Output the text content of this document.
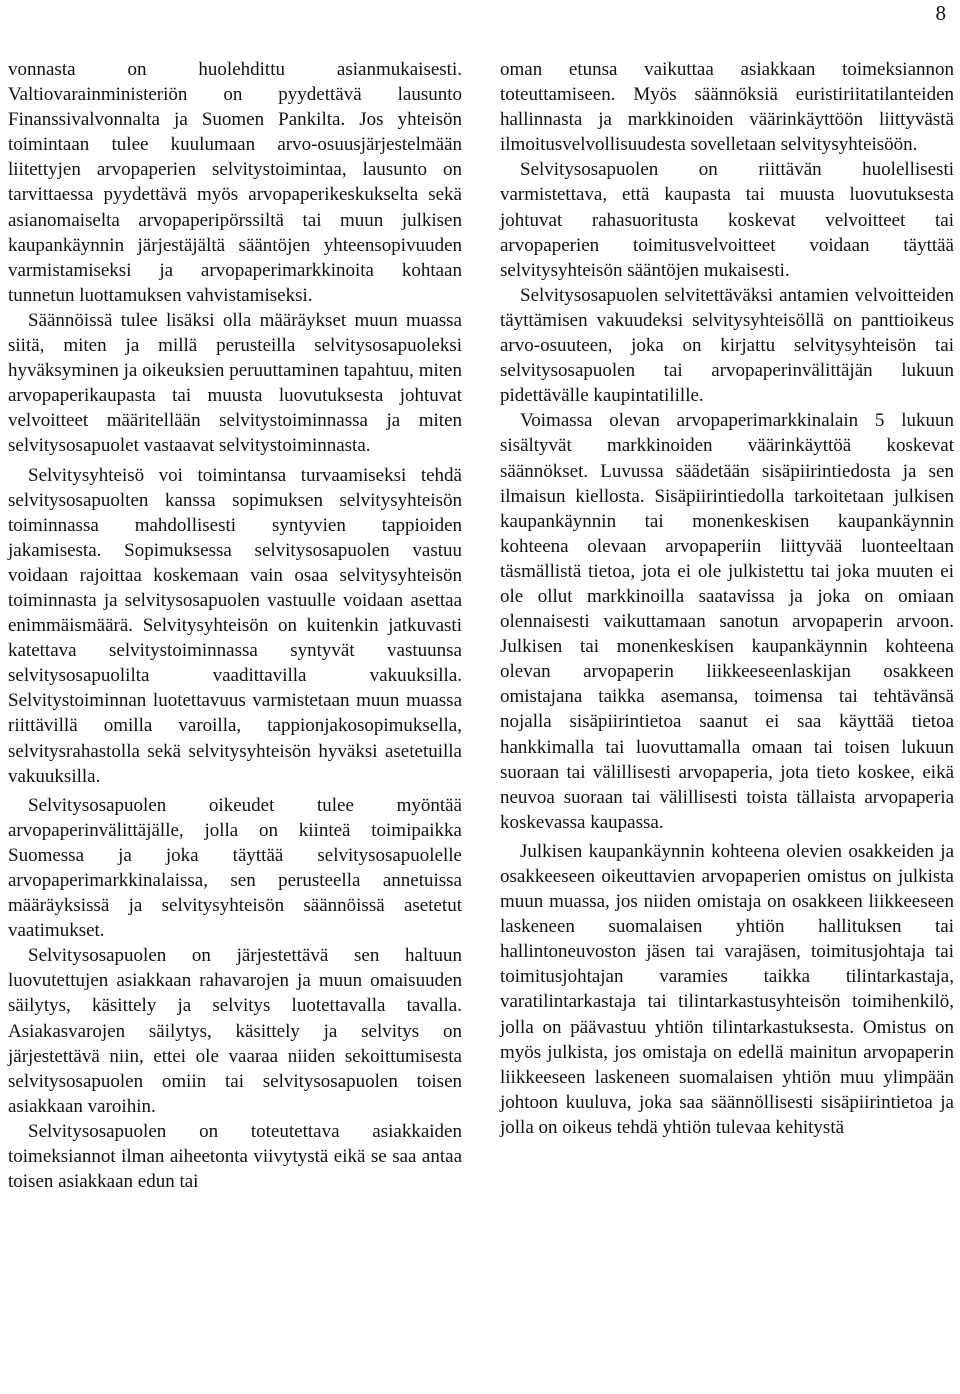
8

vonnasta on huolehdittu asianmukaisesti. Valtiovarainministeriön on pyydettävä lausunto Finanssivalvonnalta ja Suomen Pankilta. Jos yhteisön toimintaan tulee kuulumaan arvo-osuusjärjestelmään liitettyjen arvopaperien selvitystoimintaa, lausunto on tarvittaessa pyydettävä myös arvopaperikeskukselta sekä asianomaiselta arvopaperipörssiltä tai muun julkisen kaupankäynnin järjestäjältä sääntöjen yhteensopivuuden varmistamiseksi ja arvopaperimarkkinoita kohtaan tunnetun luottamuksen vahvistamiseksi.

Säännöissä tulee lisäksi olla määräykset muun muassa siitä, miten ja millä perusteilla selvitysosapuoleksi hyväksyminen ja oikeuksien peruuttaminen tapahtuu, miten arvopaperikaupasta tai muusta luovutuksesta johtuvat velvoitteet määritellään selvitystoiminnassa ja miten selvitysosapuolet vastaavat selvitystoiminnasta.

Selvitysyhteisö voi toimintansa turvaamiseksi tehdä selvitysosapuolten kanssa sopimuksen selvitysyhteisön toiminnassa mahdollisesti syntyvien tappioiden jakamisesta. Sopimuksessa selvitysosapuolen vastuu voidaan rajoittaa koskemaan vain osaa selvitysyhteisön toiminnasta ja selvitysosapuolen vastuulle voidaan asettaa enimmäismäärä. Selvitysyhteisön on kuitenkin jatkuvasti katettava selvitystoiminnassa syntyvät vastuunsa selvitysosapuolilta vaadittavilla vakuuksilla. Selvitystoiminnan luotettavuus varmistetaan muun muassa riittävillä omilla varoilla, tappionjakosopimuksella, selvitysrahastolla sekä selvitysyhteisön hyväksi asetetuilla vakuuksilla.

Selvitysosapuolen oikeudet tulee myöntää arvopaperinvälittäjälle, jolla on kiinteä toimipaikka Suomessa ja joka täyttää selvitysosapuolelle arvopaperimarkkinalaissa, sen perusteella annetuissa määräyksissä ja selvitysyhteisön säännöissä asetetut vaatimukset.

Selvitysosapuolen on järjestettävä sen haltuun luovutettujen asiakkaan rahavarojen ja muun omaisuuden säilytys, käsittely ja selvitys luotettavalla tavalla. Asiakasvarojen säilytys, käsittely ja selvitys on järjestettävä niin, ettei ole vaaraa niiden sekoittumisesta selvitysosapuolen omiin tai selvitysosapuolen toisen asiakkaan varoihin.

Selvitysosapuolen on toteutettava asiakkaiden toimeksiannot ilman aiheetonta viivytystä eikä se saa antaa toisen asiakkaan edun tai

oman etunsa vaikuttaa asiakkaan toimeksiannon toteuttamiseen. Myös säännöksiä euristiriitatilanteiden hallinnasta ja markkinoiden väärinkäyttöön liittyvästä ilmoitusvelvollisuudesta sovelletaan selvitysyhteisöön.

Selvitysosapuolen on riittävän huolellisesti varmistettava, että kaupasta tai muusta luovutuksesta johtuvat rahasuoritusta koskevat velvoitteet tai arvopaperien toimitusvelvoitteet voidaan täyttää selvitysyhteisön sääntöjen mukaisesti.

Selvitysosapuolen selvitettäväksi antamien velvoitteiden täyttämisen vakuudeksi selvitysyhteisöllä on panttioikeus arvo-osuuteen, joka on kirjattu selvitysyhteisön tai selvitysosapuolen tai arvopaperinvälittäjän lukuun pidettävälle kaupintatilille.

Voimassa olevan arvopaperimarkkinalain 5 lukuun sisältyvät markkinoiden väärinkäyttöä koskevat säännökset. Luvussa säädetään sisäpiirintiedosta ja sen ilmaisun kiellosta. Sisäpiirintiedolla tarkoitetaan julkisen kaupankäynnin tai monenkeskisen kaupankäynnin kohteena olevaan arvopaperiin liittyvää luonteeltaan täsmällistä tietoa, jota ei ole julkistettu tai joka muuten ei ole ollut markkinoilla saatavissa ja joka on omiaan olennaisesti vaikuttamaan sanotun arvopaperin arvoon. Julkisen tai monenkeskisen kaupankäynnin kohteena olevan arvopaperin liikkeeseenlaskijan osakkeen omistajana taikka asemansa, toimensa tai tehtävänsä nojalla sisäpiirintietoa saanut ei saa käyttää tietoa hankkimalla tai luovuttamalla omaan tai toisen lukuun suoraan tai välillisesti arvopaperia, jota tieto koskee, eikä neuvoa suoraan tai välillisesti toista tällaista arvopaperia koskevassa kaupassa.

Julkisen kaupankäynnin kohteena olevien osakkeiden ja osakkeeseen oikeuttavien arvopaperien omistus on julkista muun muassa, jos niiden omistaja on osakkeen liikkeeseen laskeneen suomalaisen yhtiön hallituksen tai hallintoneuvoston jäsen tai varajäsen, toimitusjohtaja tai toimitusjohtajan varamies taikka tilintarkastaja, varatilintarkastaja tai tilintarkastusyhteisön toimihenkilö, jolla on päävastuu yhtiön tilintarkastuksesta. Omistus on myös julkista, jos omistaja on edellä mainitun arvopaperin liikkeeseen laskeneen suomalaisen yhtiön muu ylimpään johtoon kuuluva, joka saa säännöllisesti sisäpiirintietoa ja jolla on oikeus tehdä yhtiön tulevaa kehitystä
